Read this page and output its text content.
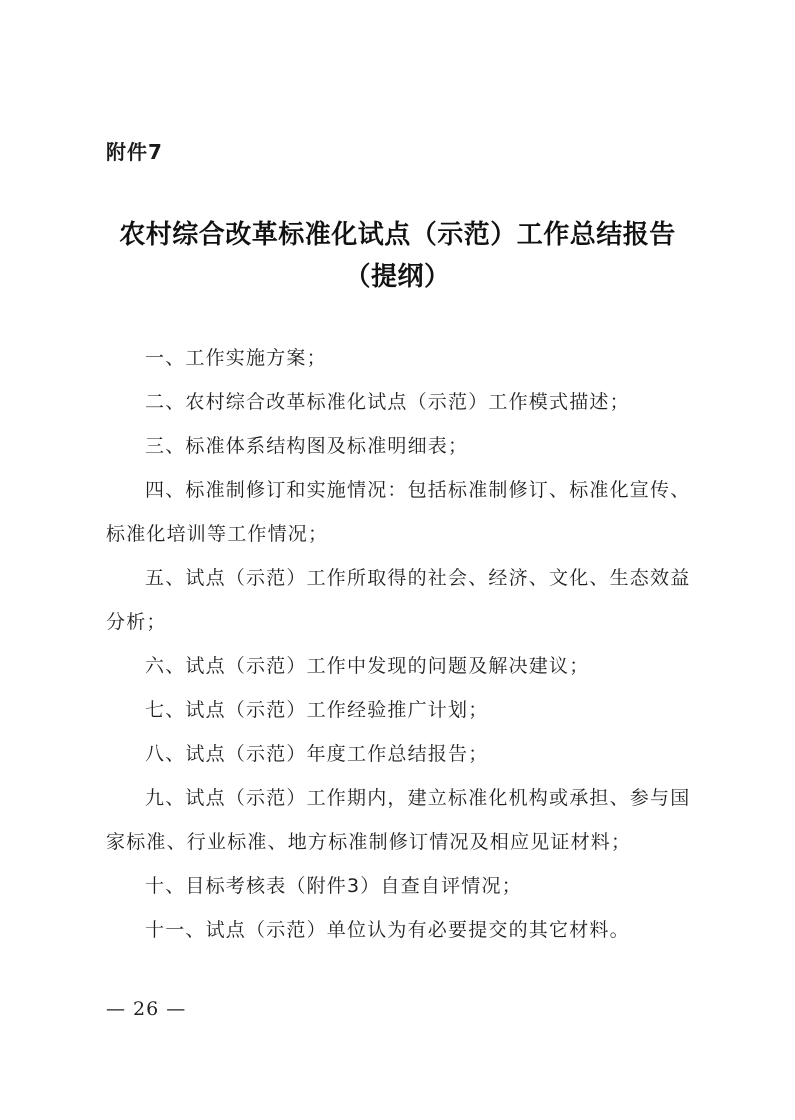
附件7
农村综合改革标准化试点（示范）工作总结报告
（提纲）

一、工作实施方案；

二、农村综合改革标准化试点（示范）工作模式描述；

三、标准体系结构图及标准明细表；

四、标准制修订和实施情况：包括标准制修订、标准化宣传、标准化培训等工作情况；

五、试点（示范）工作所取得的社会、经济、文化、生态效益分析；

六、试点（示范）工作中发现的问题及解决建议；

七、试点（示范）工作经验推广计划；

八、试点（示范）年度工作总结报告；

九、试点（示范）工作期内，建立标准化机构或承担、参与国家标准、行业标准、地方标准制修订情况及相应见证材料；

十、目标考核表（附件3）自查自评情况；

十一、试点（示范）单位认为有必要提交的其它材料。

— 26 —
